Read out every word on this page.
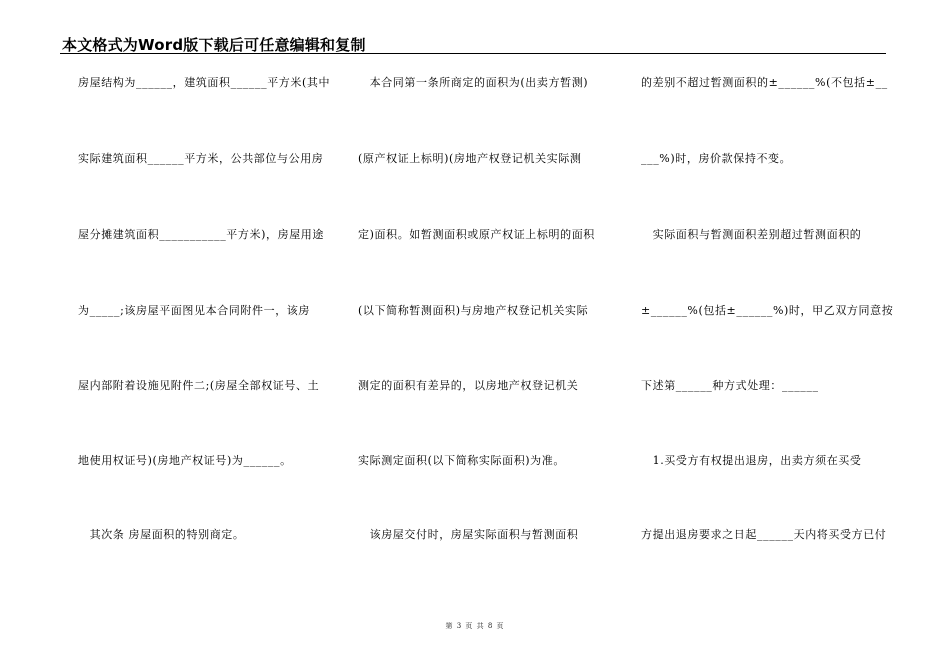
本文格式为Word版下载后可任意编辑和复制
房屋结构为______，建筑面积______平方米(其中
实际建筑面积______平方米，公共部位与公用房
屋分摊建筑面积___________平方米)，房屋用途
为_____;该房屋平面图见本合同附件一，该房
屋内部附着设施见附件二;(房屋全部权证号、土
地使用权证号)(房地产权证号)为______。
　其次条 房屋面积的特别商定。
　本合同第一条所商定的面积为(出卖方暂测)
(原产权证上标明)(房地产权登记机关实际测
定)面积。如暂测面积或原产权证上标明的面积
(以下简称暂测面积)与房地产权登记机关实际
测定的面积有差异的，以房地产权登记机关
实际测定面积(以下简称实际面积)为准。
　该房屋交付时，房屋实际面积与暂测面积
的差别不超过暂测面积的±______%(不包括±__
___%)时，房价款保持不变。
　实际面积与暂测面积差别超过暂测面积的
±______%(包括±______%)时，甲乙双方同意按
下述第______种方式处理：______
　1.买受方有权提出退房，出卖方须在买受
方提出退房要求之日起______天内将买受方已付
第 3 页 共 8 页
